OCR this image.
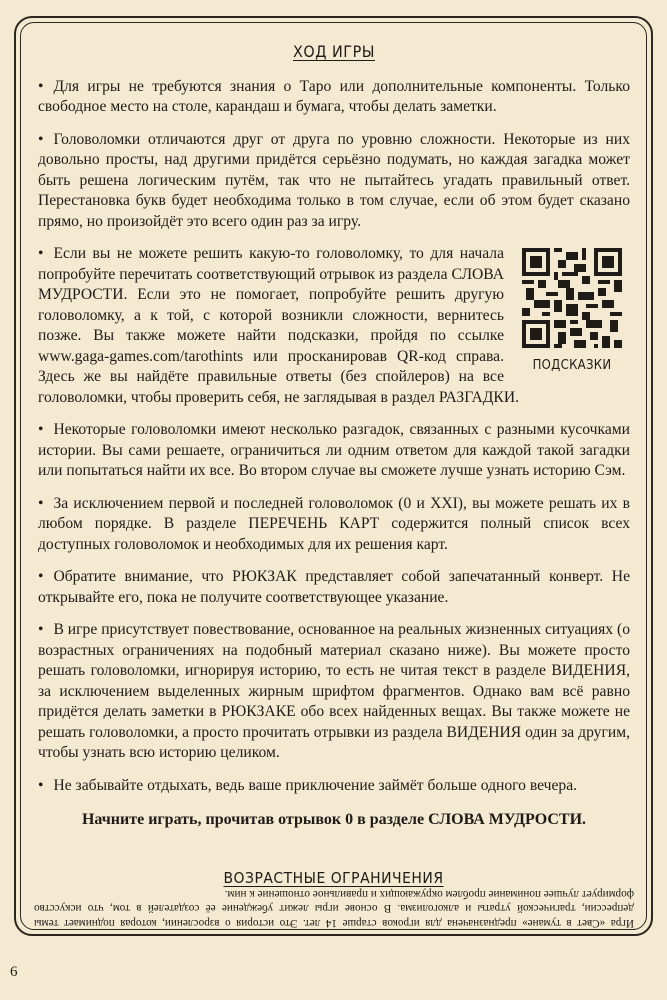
ХОД ИГРЫ

• Для игры не требуются знания о Таро или дополнительные компоненты. Только свободное место на столе, карандаш и бумага, чтобы делать заметки.

• Головоломки отличаются друг от друга по уровню сложности. Некоторые из них довольно просты, над другими придётся серьёзно подумать, но каждая загадка может быть решена логическим путём, так что не пытайтесь угадать правильный ответ. Перестановка букв будет необходима только в том случае, если об этом будет сказано прямо, но произойдёт это всего один раз за игру.

ПОДСКАЗКИ

• Если вы не можете решить какую-то головоломку, то для начала попробуйте перечитать соответствующий отрывок из раздела СЛОВА МУДРОСТИ. Если это не помогает, попробуйте решить другую головоломку, а к той, с которой возникли сложности, вернитесь позже. Вы также можете найти подсказки, пройдя по ссылке www.gaga-games.com/tarothints или просканировав QR-код справа. Здесь же вы найдёте правильные ответы (без спойлеров) на все головоломки, чтобы проверить себя, не заглядывая в раздел РАЗГАДКИ.

• Некоторые головоломки имеют несколько разгадок, связанных с разными кусочками истории. Вы сами решаете, ограничиться ли одним ответом для каждой такой загадки или попытаться найти их все. Во втором случае вы сможете лучше узнать историю Сэм.

• За исключением первой и последней головоломок (0 и XXI), вы можете решать их в любом порядке. В разделе ПЕРЕЧЕНЬ КАРТ содержится полный список всех доступных головоломок и необходимых для их решения карт.

• Обратите внимание, что РЮКЗАК представляет собой запечатанный конверт. Не открывайте его, пока не получите соответствующее указание.

• В игре присутствует повествование, основанное на реальных жизненных ситуациях (о возрастных ограничениях на подобный материал сказано ниже). Вы можете просто решать головоломки, игнорируя историю, то есть не читая текст в разделе ВИДЕНИЯ, за исключением выделенных жирным шрифтом фрагментов. Однако вам всё равно придётся делать заметки в РЮКЗАКЕ обо всех найденных вещах. Вы также можете не решать головоломки, а просто прочитать отрывки из раздела ВИДЕНИЯ один за другим, чтобы узнать всю историю целиком.

• Не забывайте отдыхать, ведь ваше приключение займёт больше одного вечера.

Начните играть, прочитав отрывок 0 в разделе СЛОВА МУДРОСТИ.
ВОЗРАСТНЫЕ ОГРАНИЧЕНИЯ
Игра «Свет в тумане» предназначена для игроков старше 14 лет. Это история о взрослении, которая поднимает темы депрессии, трагической утраты и алкоголизма. В основе игры лежит убеждение её создателей в том, что искусство формирует лучшее понимание проблем окружающих и правильное отношение к ним.
6
